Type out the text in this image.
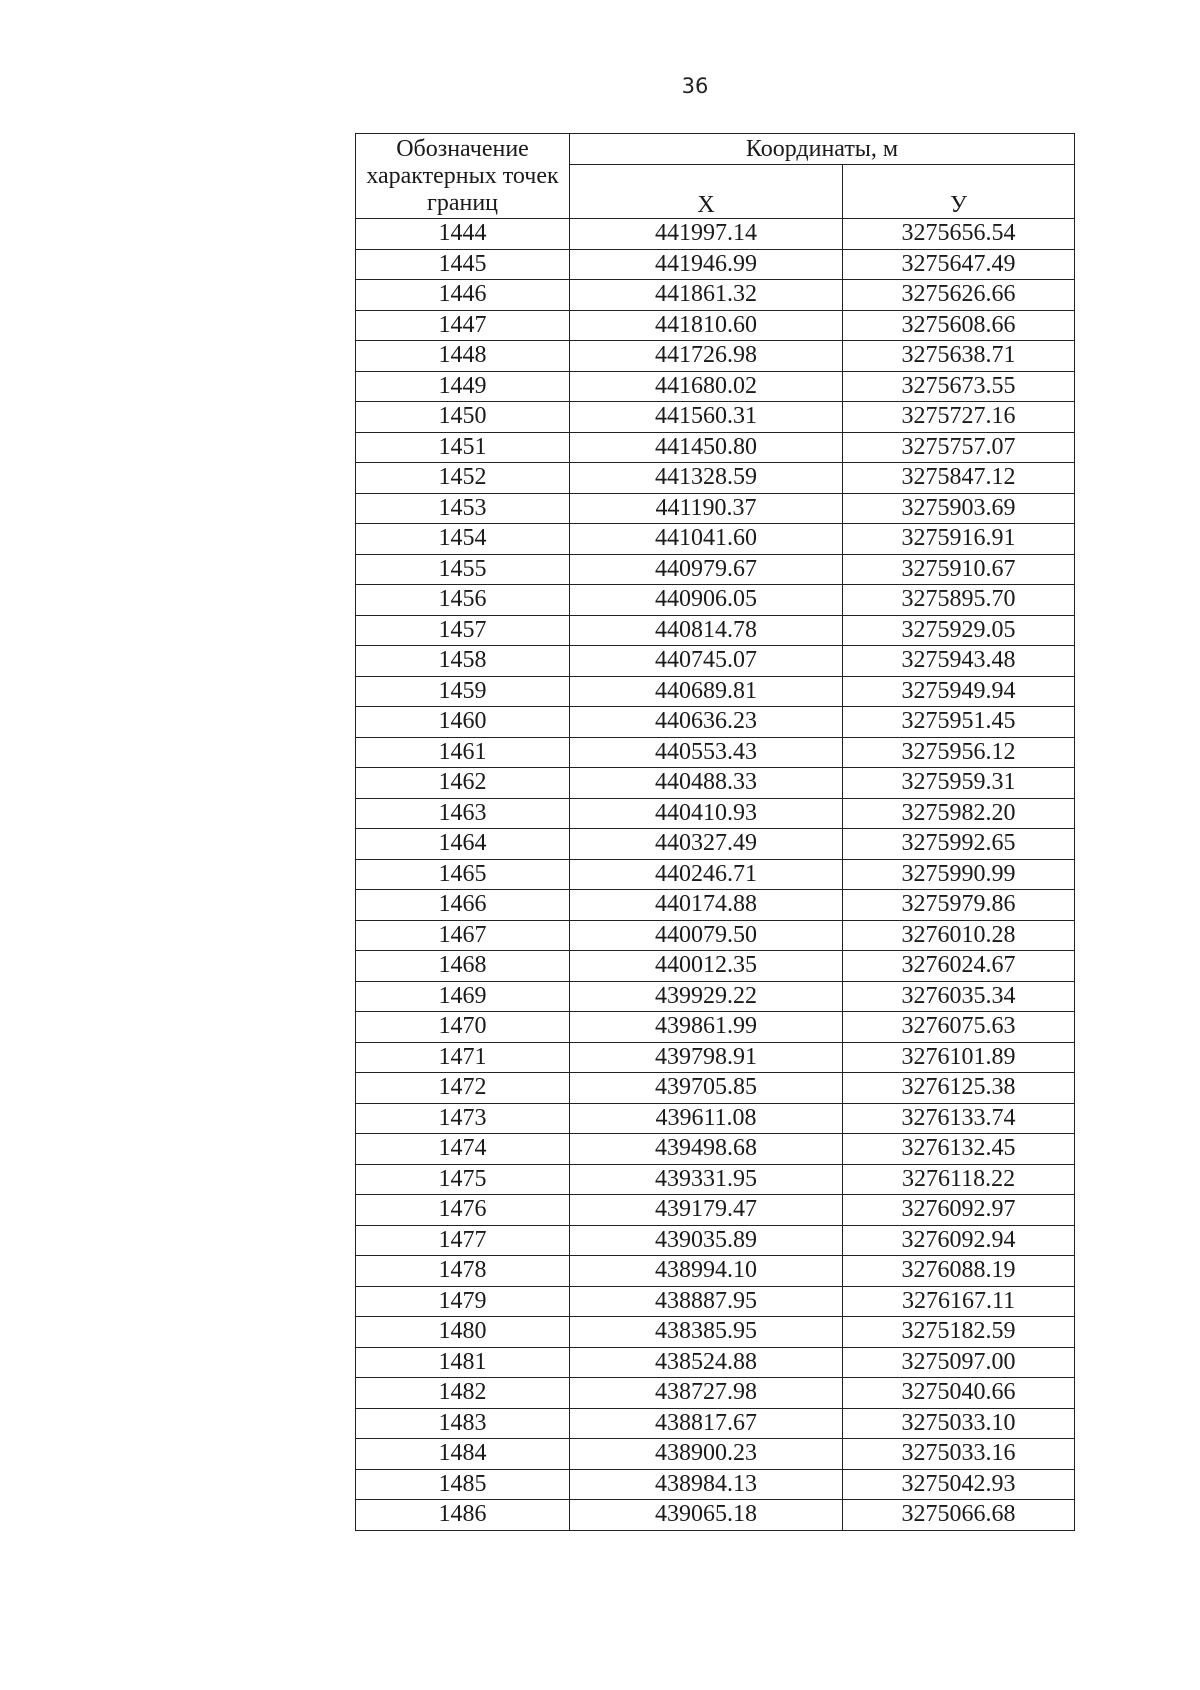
36
Обозначение характерных точек границ	Координаты, м	
	Х	У
1444	441997.14	3275656.54
1445	441946.99	3275647.49
1446	441861.32	3275626.66
1447	441810.60	3275608.66
1448	441726.98	3275638.71
1449	441680.02	3275673.55
1450	441560.31	3275727.16
1451	441450.80	3275757.07
1452	441328.59	3275847.12
1453	441190.37	3275903.69
1454	441041.60	3275916.91
1455	440979.67	3275910.67
1456	440906.05	3275895.70
1457	440814.78	3275929.05
1458	440745.07	3275943.48
1459	440689.81	3275949.94
1460	440636.23	3275951.45
1461	440553.43	3275956.12
1462	440488.33	3275959.31
1463	440410.93	3275982.20
1464	440327.49	3275992.65
1465	440246.71	3275990.99
1466	440174.88	3275979.86
1467	440079.50	3276010.28
1468	440012.35	3276024.67
1469	439929.22	3276035.34
1470	439861.99	3276075.63
1471	439798.91	3276101.89
1472	439705.85	3276125.38
1473	439611.08	3276133.74
1474	439498.68	3276132.45
1475	439331.95	3276118.22
1476	439179.47	3276092.97
1477	439035.89	3276092.94
1478	438994.10	3276088.19
1479	438887.95	3276167.11
1480	438385.95	3275182.59
1481	438524.88	3275097.00
1482	438727.98	3275040.66
1483	438817.67	3275033.10
1484	438900.23	3275033.16
1485	438984.13	3275042.93
1486	439065.18	3275066.68
